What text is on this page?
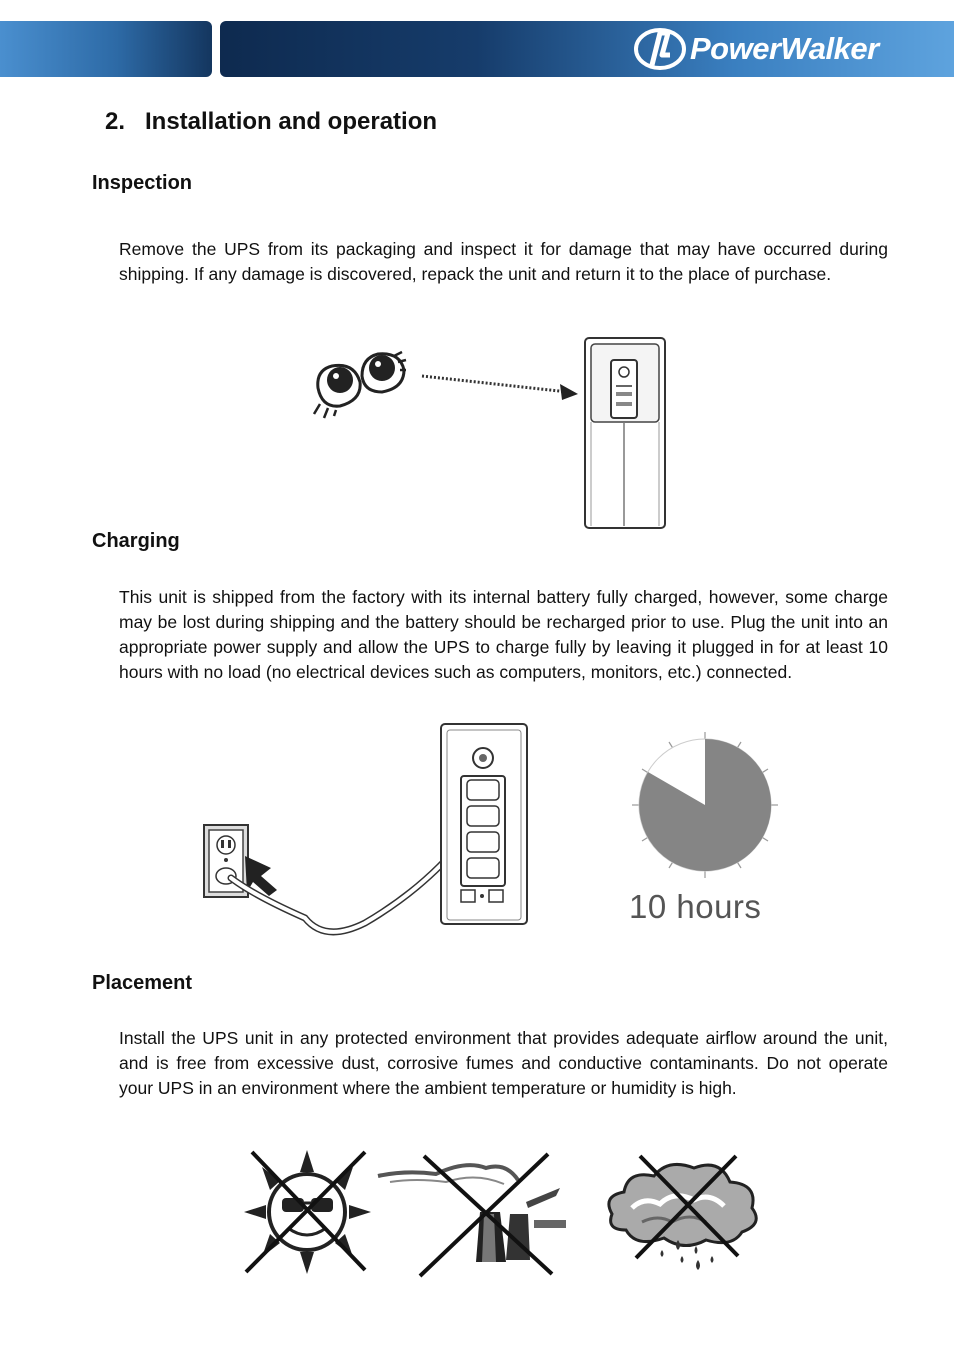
PowerWalker
2. Installation and operation
Inspection

Remove the UPS from its packaging and inspect it for damage that may have occurred during shipping. If any damage is discovered, repack the unit and return it to the place of purchase.

Charging

This unit is shipped from the factory with its internal battery fully charged, however, some charge may be lost during shipping and the battery should be recharged prior to use. Plug the unit into an appropriate power supply and allow the UPS to charge fully by leaving it plugged in for at least 10 hours with no load (no electrical devices such as computers, monitors, etc.) connected.

10 hours
Placement

Install the UPS unit in any protected environment that provides adequate airflow around the unit, and is free from excessive dust, corrosive fumes and conductive contaminants. Do not operate your UPS in an environment where the ambient temperature or humidity is high.
